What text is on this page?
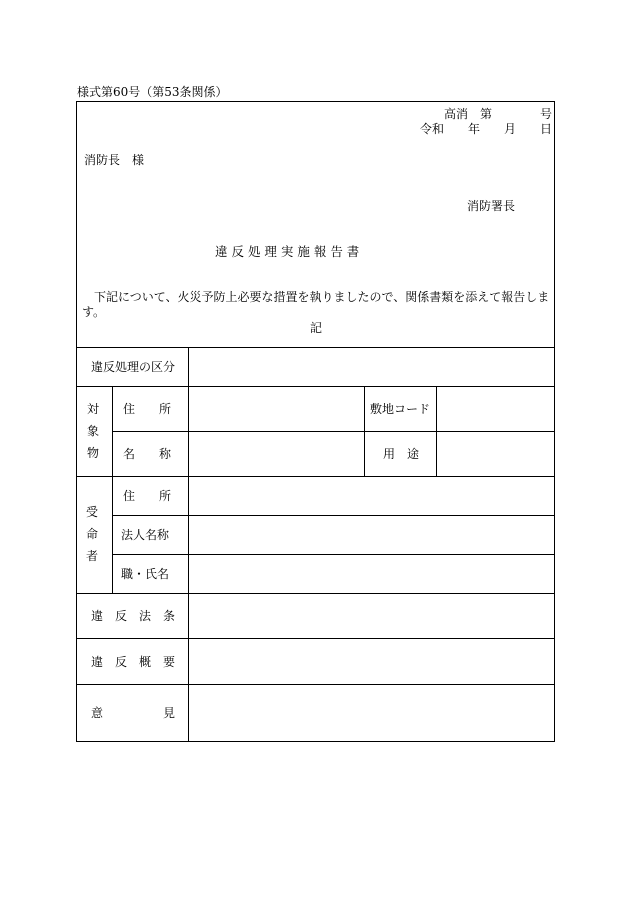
様式第60号（第53条関係）
高消　第　　　　号
令和　　年　　月　　日
消防長　様
消防署長
違 反 処 理 実 施 報 告 書
　下記について、火災予防上必要な措置を執りましたので、関係書類を添えて報告します。
記
違反処理の区分
対
象
物
住　　所	敷地コード
名　　称	用　途
受
命
者
住　　所
法人名称
職・氏名
違　反　法　条
違　反　概　要
意　　　　　見
